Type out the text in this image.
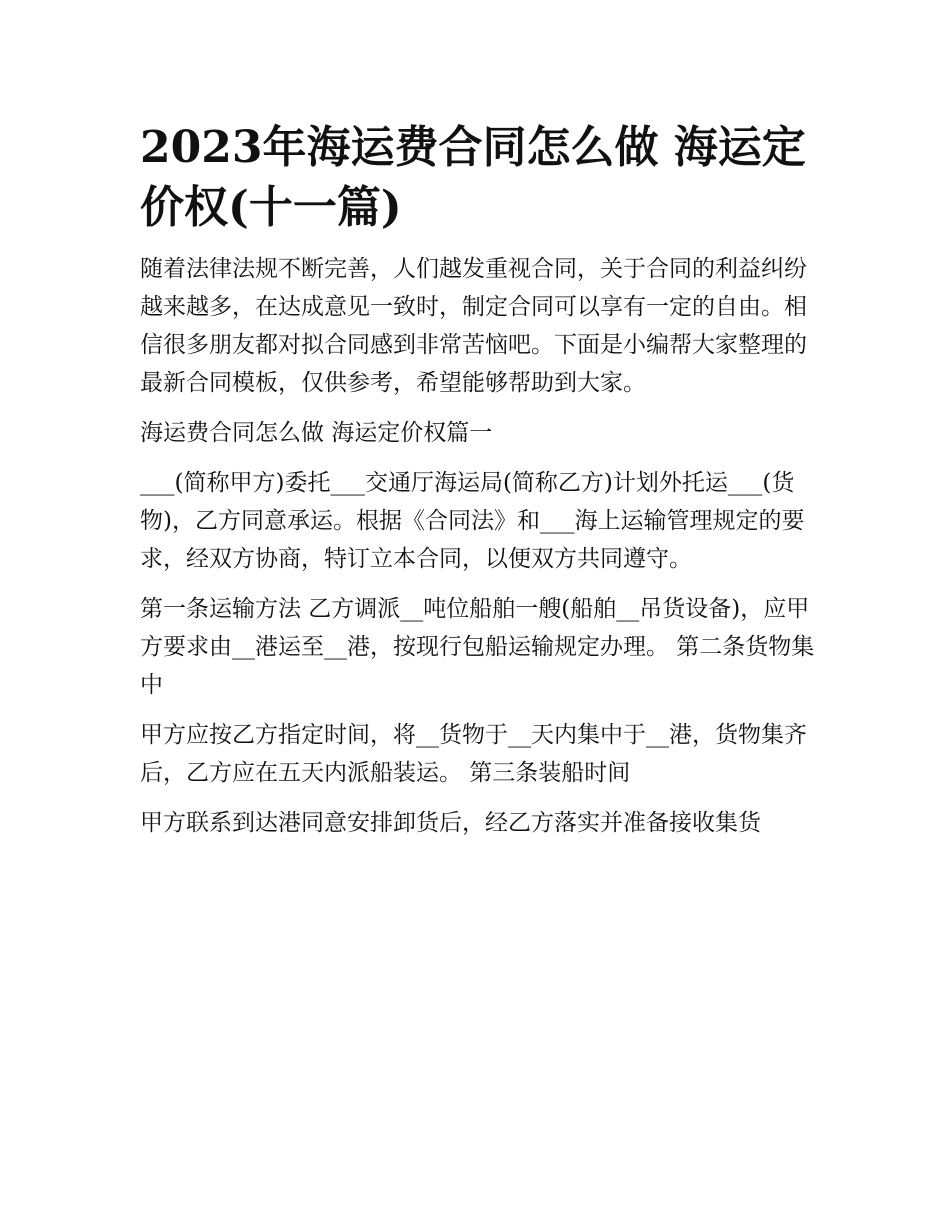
2023年海运费合同怎么做 海运定价权(十一篇)

随着法律法规不断完善，人们越发重视合同，关于合同的利益纠纷越来越多，在达成意见一致时，制定合同可以享有一定的自由。相信很多朋友都对拟合同感到非常苦恼吧。下面是小编帮大家整理的最新合同模板，仅供参考，希望能够帮助到大家。

海运费合同怎么做 海运定价权篇一

___(简称甲方)委托___交通厅海运局(简称乙方)计划外托运___(货物)，乙方同意承运。根据《合同法》和___海上运输管理规定的要求，经双方协商，特订立本合同，以便双方共同遵守。

第一条运输方法 乙方调派__吨位船舶一艘(船舶__吊货设备)，应甲方要求由__港运至__港，按现行包船运输规定办理。 第二条货物集中

甲方应按乙方指定时间，将__货物于__天内集中于__港，货物集齐后，乙方应在五天内派船装运。 第三条装船时间

甲方联系到达港同意安排卸货后，经乙方落实并准备接收集货
